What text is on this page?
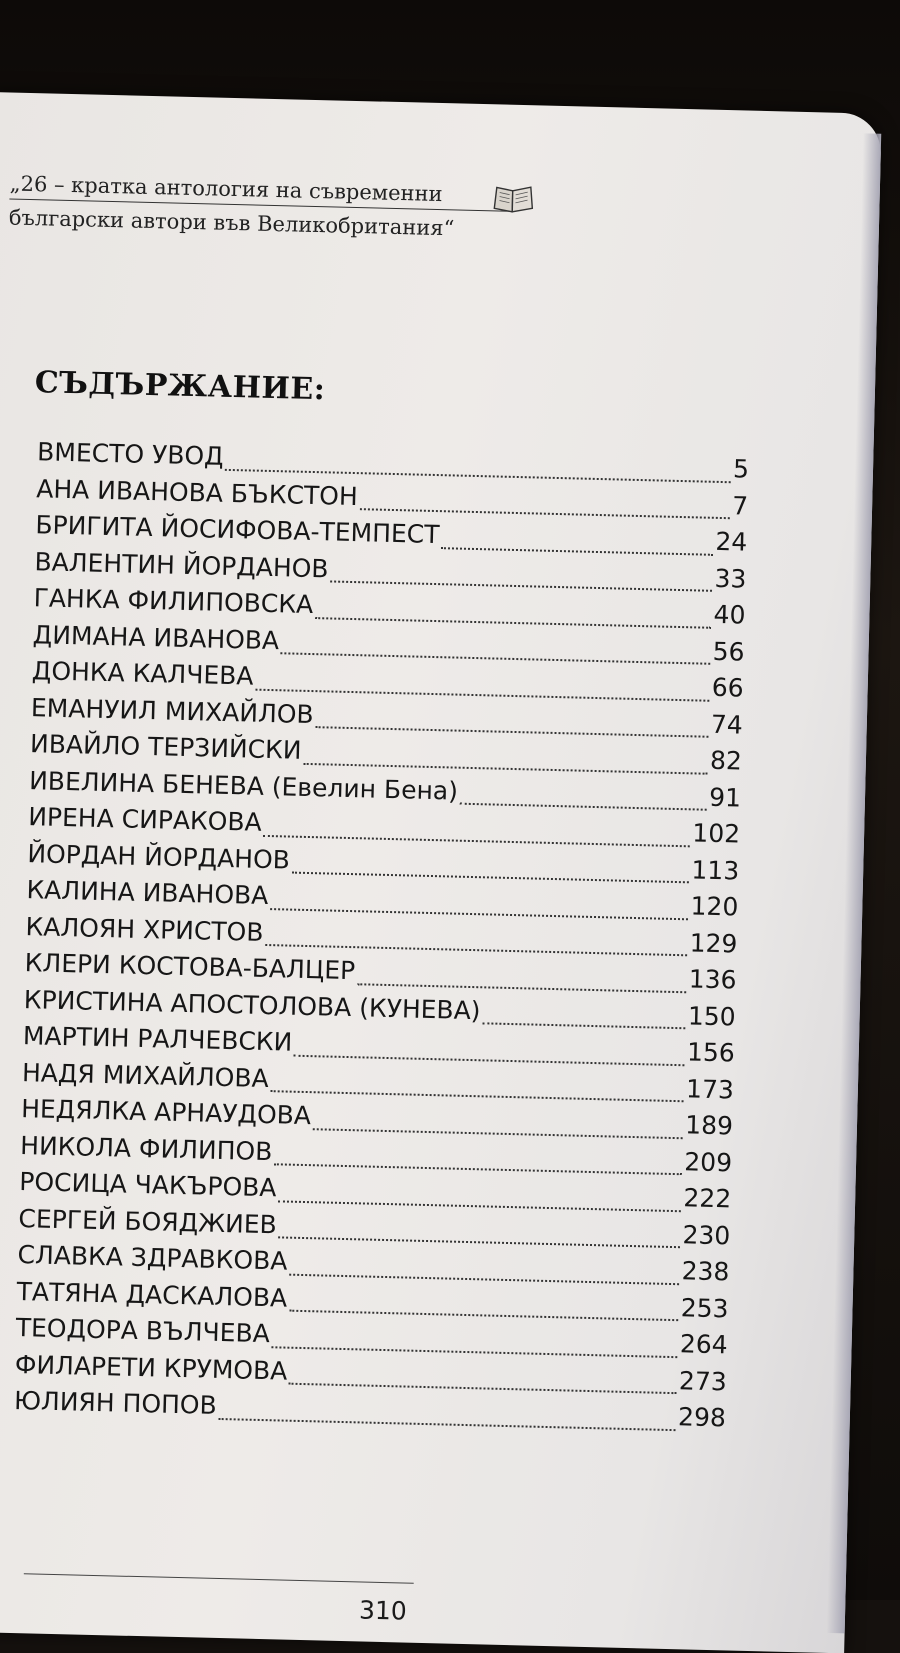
„26 – кратка антология на съвременни
български автори във Великобритания“
СЪДЪРЖАНИЕ:
ВМЕСТО УВОД	5
АНА ИВАНОВА БЪКСТОН	7
БРИГИТА ЙОСИФОВА-ТЕМПЕСТ	24
ВАЛЕНТИН ЙОРДАНОВ	33
ГАНКА ФИЛИПОВСКА	40
ДИМАНА ИВАНОВА	56
ДОНКА КАЛЧЕВА	66
ЕМАНУИЛ МИХАЙЛОВ	74
ИВАЙЛО ТЕРЗИЙСКИ	82
ИВЕЛИНА БЕНЕВА (Евелин Бена)	91
ИРЕНА СИРАКОВА	102
ЙОРДАН ЙОРДАНОВ	113
КАЛИНА ИВАНОВА	120
КАЛОЯН ХРИСТОВ	129
КЛЕРИ КОСТОВА-БАЛЦЕР	136
КРИСТИНА АПОСТОЛОВА (КУНЕВА)	150
МАРТИН РАЛЧЕВСКИ	156
НАДЯ МИХАЙЛОВА	173
НЕДЯЛКА АРНАУДОВА	189
НИКОЛА ФИЛИПОВ	209
РОСИЦА ЧАКЪРОВА	222
СЕРГЕЙ БОЯДЖИЕВ	230
СЛАВКА ЗДРАВКОВА	238
ТАТЯНА ДАСКАЛОВА	253
ТЕОДОРА ВЪЛЧЕВА	264
ФИЛАРЕТИ КРУМОВА	273
ЮЛИЯН ПОПОВ	298
310
